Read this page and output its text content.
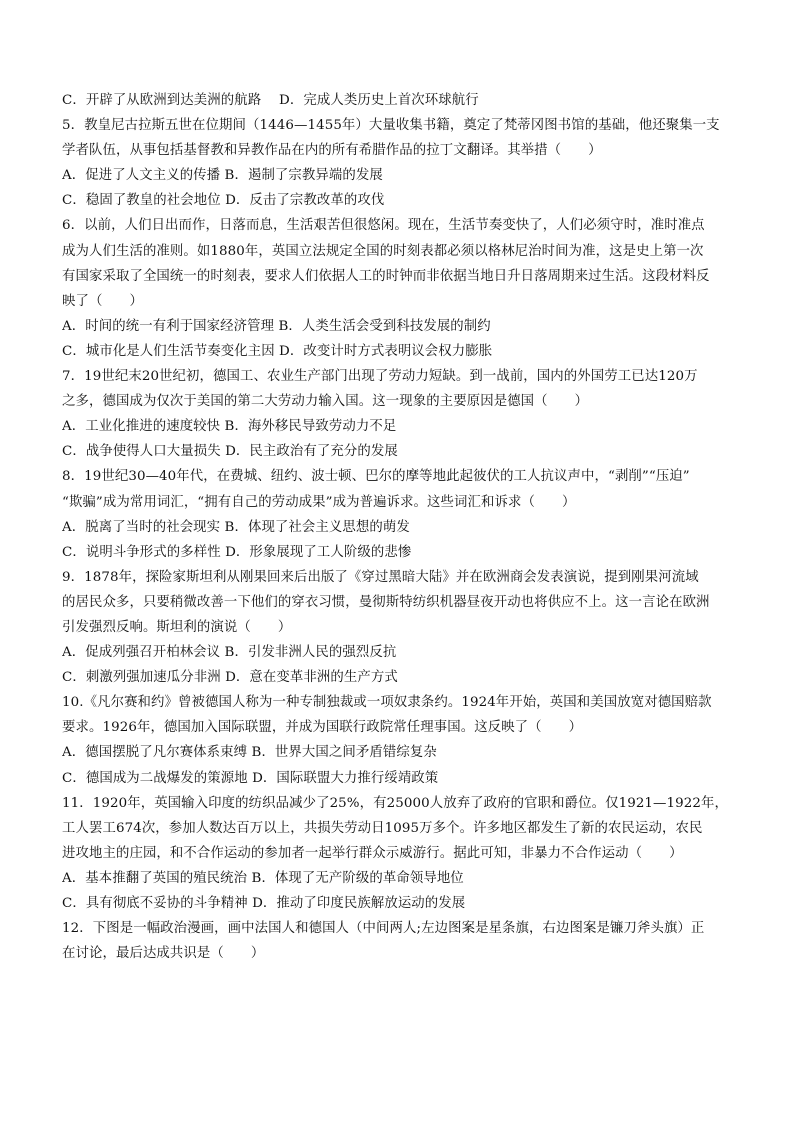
C．开辟了从欧洲到达美洲的航路　 D．完成人类历史上首次环球航行
5．教皇尼古拉斯五世在位期间（1446—1455年）大量收集书籍，奠定了梵蒂冈图书馆的基础，他还聚集一支
学者队伍，从事包括基督教和异教作品在内的所有希腊作品的拉丁文翻译。其举措（　　）
A．促进了人文主义的传播 B．遏制了宗教异端的发展
C．稳固了教皇的社会地位 D．反击了宗教改革的攻伐
6．以前，人们日出而作，日落而息，生活艰苦但很悠闲。现在，生活节奏变快了，人们必须守时，准时准点
成为人们生活的准则。如1880年，英国立法规定全国的时刻表都必须以格林尼治时间为准，这是史上第一次
有国家采取了全国统一的时刻表，要求人们依据人工的时钟而非依据当地日升日落周期来过生活。这段材料反
映了（　　）
A．时间的统一有利于国家经济管理 B．人类生活会受到科技发展的制约
C．城市化是人们生活节奏变化主因 D．改变计时方式表明议会权力膨胀
7．19世纪末20世纪初，德国工、农业生产部门出现了劳动力短缺。到一战前，国内的外国劳工已达120万
之多，德国成为仅次于美国的第二大劳动力输入国。这一现象的主要原因是德国（　　）
A．工业化推进的速度较快 B．海外移民导致劳动力不足
C．战争使得人口大量损失 D．民主政治有了充分的发展
8．19世纪30—40年代，在费城、纽约、波士顿、巴尔的摩等地此起彼伏的工人抗议声中，“剥削”“压迫”
“欺骗”成为常用词汇，“拥有自己的劳动成果”成为普遍诉求。这些词汇和诉求（　　）
A．脱离了当时的社会现实 B．体现了社会主义思想的萌发
C．说明斗争形式的多样性 D．形象展现了工人阶级的悲惨
9．1878年，探险家斯坦利从刚果回来后出版了《穿过黑暗大陆》并在欧洲商会发表演说，提到刚果河流域
的居民众多，只要稍微改善一下他们的穿衣习惯，曼彻斯特纺织机器昼夜开动也将供应不上。这一言论在欧洲
引发强烈反响。斯坦利的演说（　　）
A．促成列强召开柏林会议 B．引发非洲人民的强烈反抗
C．刺激列强加速瓜分非洲 D．意在变革非洲的生产方式
10.《凡尔赛和约》曾被德国人称为一种专制独裁或一项奴隶条约。1924年开始，英国和美国放宽对德国赔款
要求。1926年，德国加入国际联盟，并成为国联行政院常任理事国。这反映了（　　）
A．德国摆脱了凡尔赛体系束缚 B．世界大国之间矛盾错综复杂
C．德国成为二战爆发的策源地 D．国际联盟大力推行绥靖政策
11．1920年，英国输入印度的纺织品减少了25%，有25000人放弃了政府的官职和爵位。仅1921—1922年，
工人罢工674次，参加人数达百万以上，共损失劳动日1095万多个。许多地区都发生了新的农民运动，农民
进攻地主的庄园，和不合作运动的参加者一起举行群众示威游行。据此可知，非暴力不合作运动（　　）
A．基本推翻了英国的殖民统治 B．体现了无产阶级的革命领导地位
C．具有彻底不妥协的斗争精神 D．推动了印度民族解放运动的发展
12．下图是一幅政治漫画，画中法国人和德国人（中间两人;左边图案是星条旗，右边图案是镰刀斧头旗）正
在讨论，最后达成共识是（　　）
